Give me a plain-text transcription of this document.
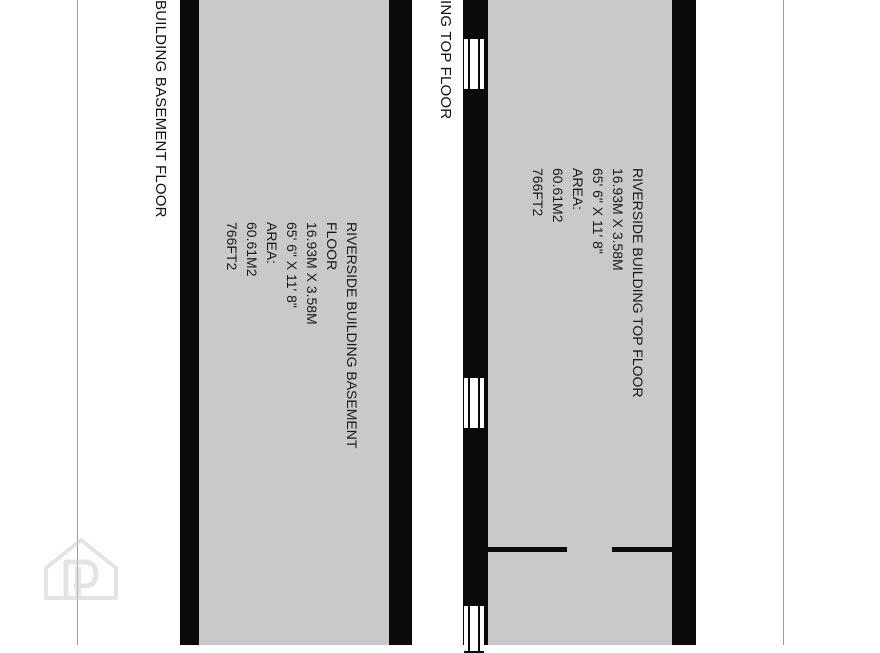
BUILDING BASEMENT FLOOR
RIVERSIDE BUILDING BASEMENT
FLOOR
16.93M X 3.58M
65' 6" X 11' 8"
AREA:
60.61M2
766FT2
ING TOP FLOOR
RIVERSIDE BUILDING TOP FLOOR
16.93M X 3.58M
65' 6" X 11' 8"
AREA:
60.61M2
766FT2
